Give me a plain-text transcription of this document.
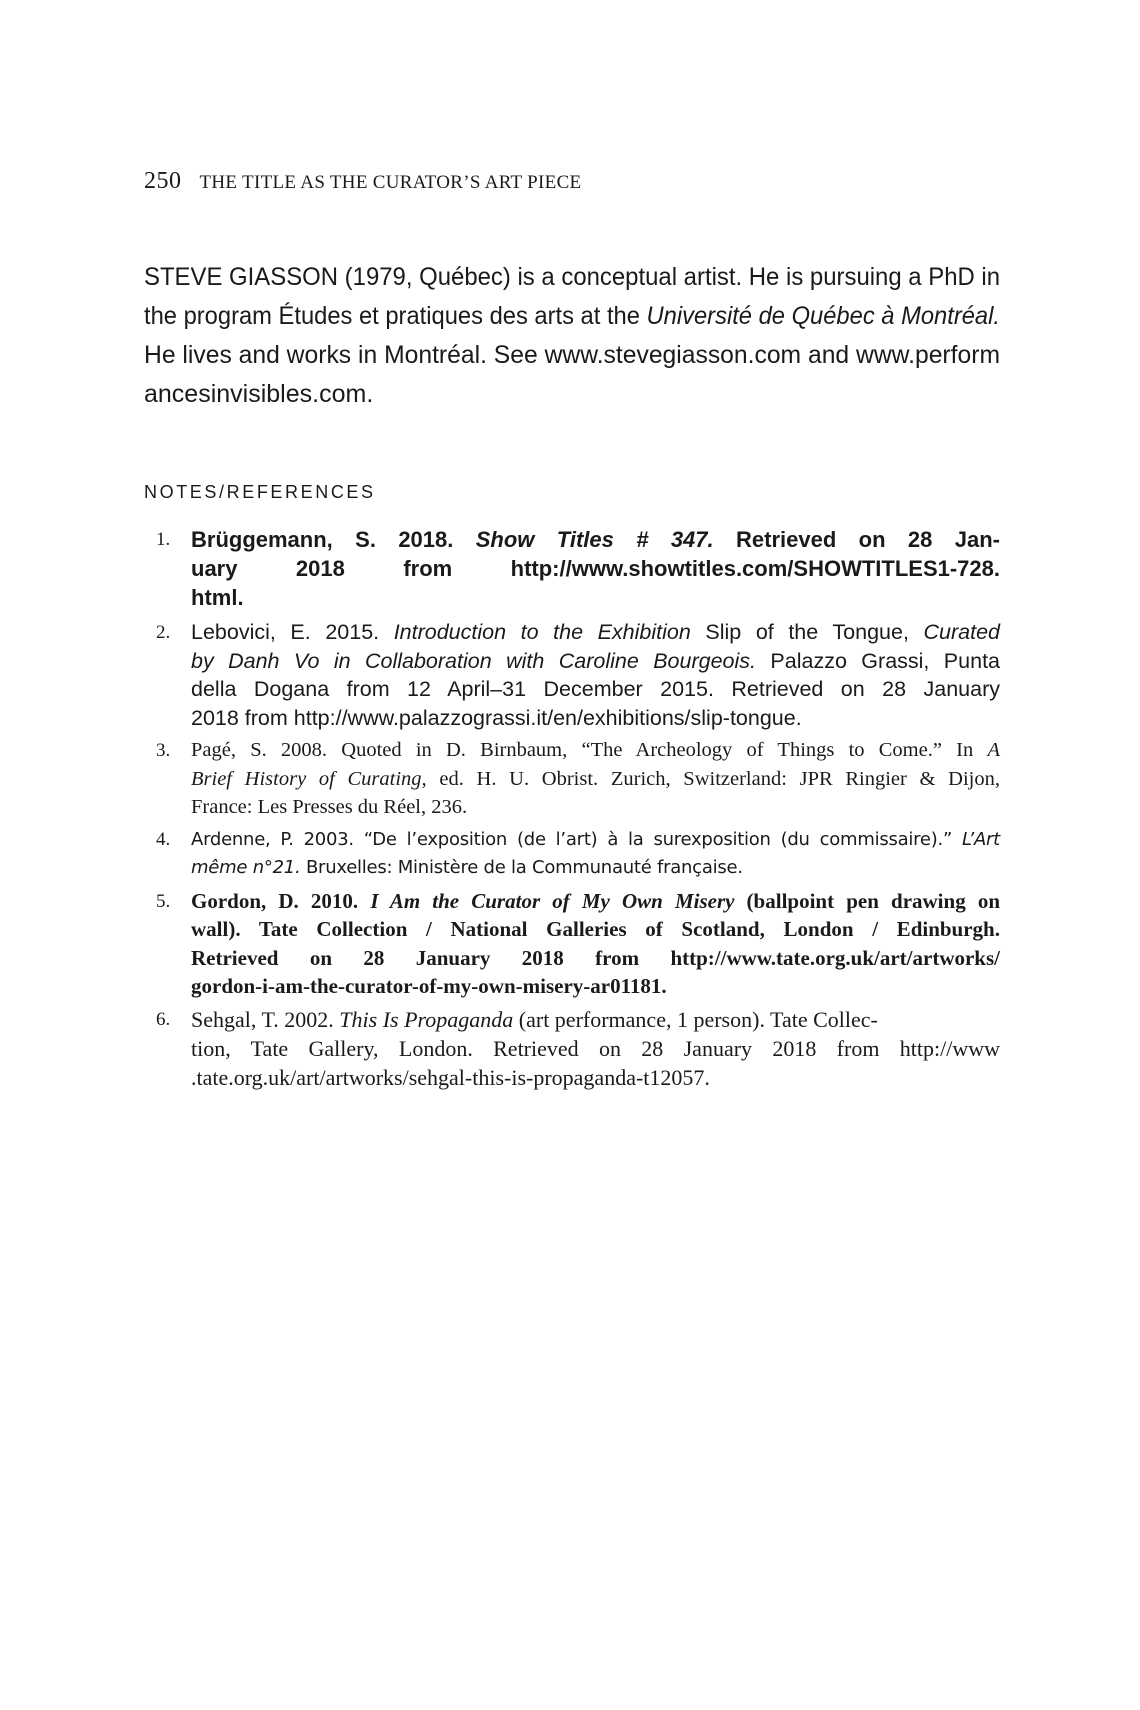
250 THE TITLE AS THE CURATOR’S ART PIECE
STEVE GIASSON (1979, Québec) is a conceptual artist. He is pursuing a PhD in
the program Études et pratiques des arts at the Université de Québec à Montréal.
He lives and works in Montréal. See www.stevegiasson.com and www.perform
ancesinvisibles.com.
NOTES/REFERENCES
1. Brüggemann, S. 2018. Show Titles # 347. Retrieved on 28 Jan-
uary 2018 from http://www.showtitles.com/SHOWTITLES1-728.
html.
2. Lebovici, E. 2015. Introduction to the Exhibition Slip of the Tongue, Curated
by Danh Vo in Collaboration with Caroline Bourgeois. Palazzo Grassi, Punta
della Dogana from 12 April–31 December 2015. Retrieved on 28 January
2018 from http://www.palazzograssi.it/en/exhibitions/slip-tongue.
3. Pagé, S. 2008. Quoted in D. Birnbaum, “The Archeology of Things to Come.” In A
Brief History of Curating, ed. H. U. Obrist. Zurich, Switzerland: JPR Ringier & Dijon,
France: Les Presses du Réel, 236.
4. Ardenne, P. 2003. “De l’exposition (de l’art) à la surexposition (du commissaire).” L’Art
même n°21. Bruxelles: Ministère de la Communauté française.
5. Gordon, D. 2010. I Am the Curator of My Own Misery (ballpoint pen drawing on
wall). Tate Collection / National Galleries of Scotland, London / Edinburgh.
Retrieved on 28 January 2018 from http://www.tate.org.uk/art/artworks/
gordon-i-am-the-curator-of-my-own-misery-ar01181.
6. Sehgal, T. 2002. This Is Propaganda (art performance, 1 person). Tate Collec-
tion, Tate Gallery, London. Retrieved on 28 January 2018 from http://www
.tate.org.uk/art/artworks/sehgal-this-is-propaganda-t12057.
